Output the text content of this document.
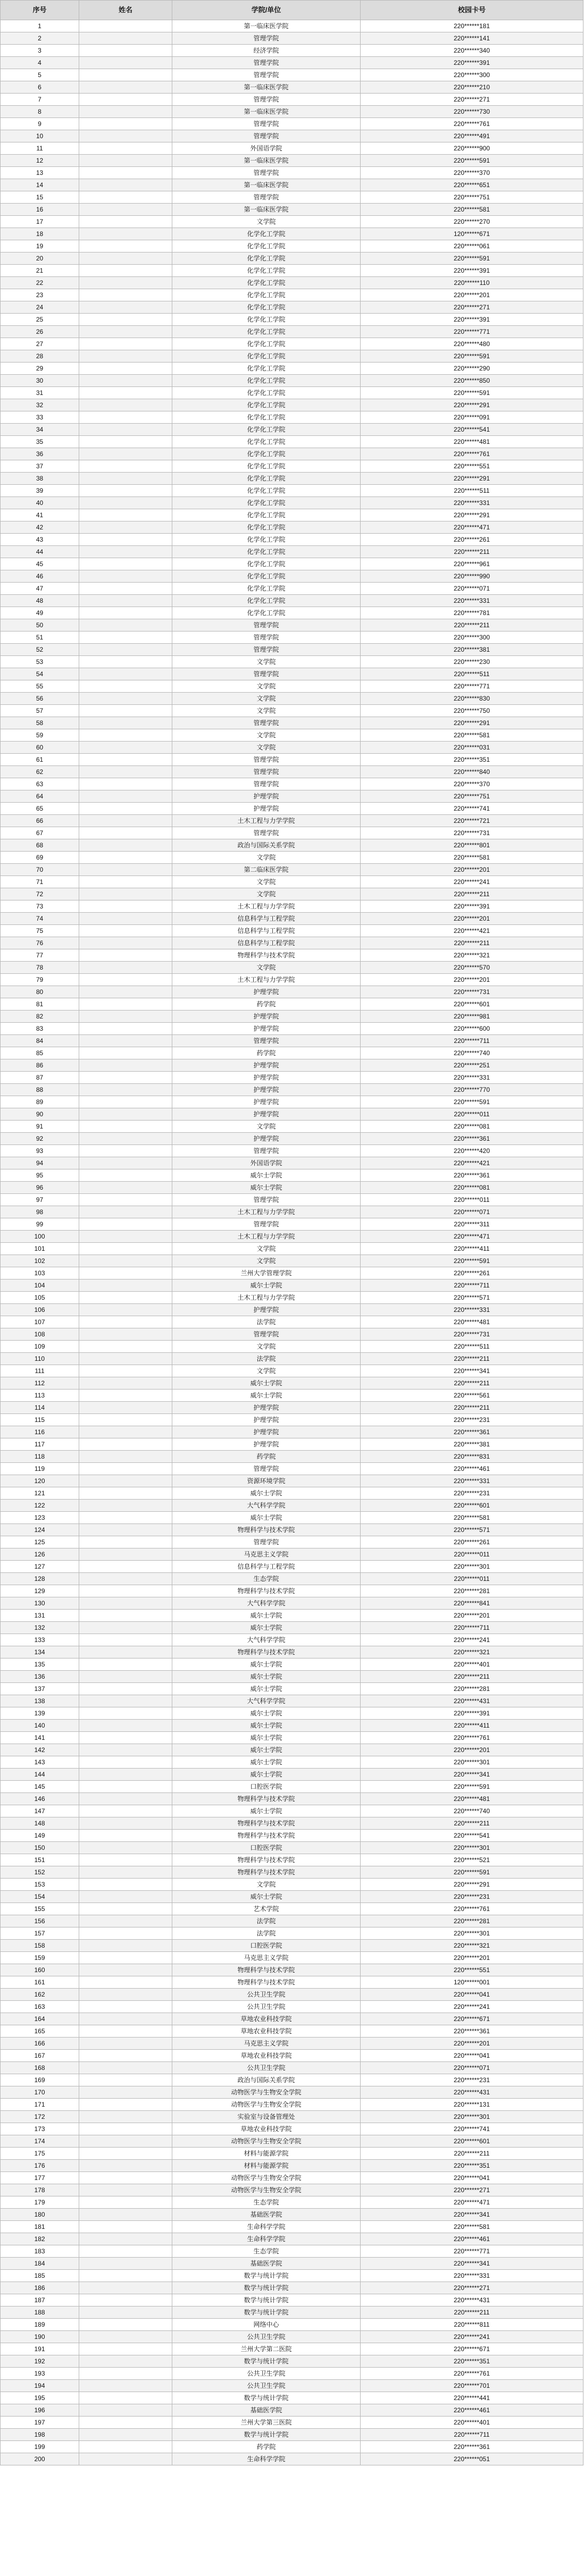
序号	姓名	学院/单位	校园卡号
1		第一临床医学院	220******181
2		管理学院	220******141
3		经济学院	220******340
4		管理学院	220******391
5		管理学院	220******300
6		第一临床医学院	220******210
7		管理学院	220******271
8		第一临床医学院	220******730
9		管理学院	220******761
10		管理学院	220******491
11		外国语学院	220******900
12		第一临床医学院	220******591
13		管理学院	220******370
14		第一临床医学院	220******651
15		管理学院	220******751
16		第一临床医学院	220******581
17		文学院	220******270
18		化学化工学院	120******671
19		化学化工学院	220******061
20		化学化工学院	220******591
21		化学化工学院	220******391
22		化学化工学院	220******110
23		化学化工学院	220******201
24		化学化工学院	220******271
25		化学化工学院	220******391
26		化学化工学院	220******771
27		化学化工学院	220******480
28		化学化工学院	220******591
29		化学化工学院	220******290
30		化学化工学院	220******850
31		化学化工学院	220******591
32		化学化工学院	220******291
33		化学化工学院	220******091
34		化学化工学院	220******541
35		化学化工学院	220******481
36		化学化工学院	220******761
37		化学化工学院	220******551
38		化学化工学院	220******291
39		化学化工学院	220******511
40		化学化工学院	220******331
41		化学化工学院	220******291
42		化学化工学院	220******471
43		化学化工学院	220******261
44		化学化工学院	220******211
45		化学化工学院	220******961
46		化学化工学院	220******990
47		化学化工学院	220******071
48		化学化工学院	220******331
49		化学化工学院	220******781
50		管理学院	220******211
51		管理学院	220******300
52		管理学院	220******381
53		文学院	220******230
54		管理学院	220******511
55		文学院	220******771
56		文学院	220******830
57		文学院	220******750
58		管理学院	220******291
59		文学院	220******581
60		文学院	220******031
61		管理学院	220******351
62		管理学院	220******840
63		管理学院	220******370
64		护理学院	220******751
65		护理学院	220******741
66		土木工程与力学学院	220******721
67		管理学院	220******731
68		政治与国际关系学院	220******801
69		文学院	220******581
70		第二临床医学院	220******201
71		文学院	220******241
72		文学院	220******211
73		土木工程与力学学院	220******391
74		信息科学与工程学院	220******201
75		信息科学与工程学院	220******421
76		信息科学与工程学院	220******211
77		物理科学与技术学院	220******321
78		文学院	220******570
79		土木工程与力学学院	220******201
80		护理学院	220******731
81		药学院	220******601
82		护理学院	220******981
83		护理学院	220******600
84		管理学院	220******711
85		药学院	220******740
86		护理学院	220******251
87		护理学院	220******331
88		护理学院	220******770
89		护理学院	220******591
90		护理学院	220******011
91		文学院	220******081
92		护理学院	220******361
93		管理学院	220******420
94		外国语学院	220******421
95		威尔士学院	220******361
96		威尔士学院	220******081
97		管理学院	220******011
98		土木工程与力学学院	220******071
99		管理学院	220******311
100		土木工程与力学学院	220******471
101		文学院	220******411
102		文学院	220******591
103		兰州大学管理学院	220******261
104		威尔士学院	220******711
105		土木工程与力学学院	220******571
106		护理学院	220******331
107		法学院	220******481
108		管理学院	220******731
109		文学院	220******511
110		法学院	220******211
111		文学院	220******341
112		威尔士学院	220******211
113		威尔士学院	220******561
114		护理学院	220******211
115		护理学院	220******231
116		护理学院	220******361
117		护理学院	220******381
118		药学院	220******831
119		管理学院	220******461
120		资源环境学院	220******331
121		威尔士学院	220******231
122		大气科学学院	220******601
123		威尔士学院	220******581
124		物理科学与技术学院	220******571
125		管理学院	220******261
126		马克思主义学院	220******011
127		信息科学与工程学院	220******301
128		生态学院	220******011
129		物理科学与技术学院	220******281
130		大气科学学院	220******841
131		威尔士学院	220******201
132		威尔士学院	220******711
133		大气科学学院	220******241
134		物理科学与技术学院	220******321
135		威尔士学院	220******401
136		威尔士学院	220******211
137		威尔士学院	220******281
138		大气科学学院	220******431
139		威尔士学院	220******391
140		威尔士学院	220******411
141		威尔士学院	220******761
142		威尔士学院	220******201
143		威尔士学院	220******301
144		威尔士学院	220******341
145		口腔医学院	220******591
146		物理科学与技术学院	220******481
147		威尔士学院	220******740
148		物理科学与技术学院	220******211
149		物理科学与技术学院	220******541
150		口腔医学院	220******301
151		物理科学与技术学院	220******521
152		物理科学与技术学院	220******591
153		文学院	220******291
154		威尔士学院	220******231
155		艺术学院	220******761
156		法学院	220******281
157		法学院	220******301
158		口腔医学院	220******321
159		马克思主义学院	220******201
160		物理科学与技术学院	220******551
161		物理科学与技术学院	120******001
162		公共卫生学院	220******041
163		公共卫生学院	220******241
164		草地农业科技学院	220******671
165		草地农业科技学院	220******361
166		马克思主义学院	220******201
167		草地农业科技学院	220******041
168		公共卫生学院	220******071
169		政治与国际关系学院	220******231
170		动物医学与生物安全学院	220******431
171		动物医学与生物安全学院	220******131
172		实验室与设备管理处	220******301
173		草地农业科技学院	220******741
174		动物医学与生物安全学院	220******601
175		材料与能源学院	220******211
176		材料与能源学院	220******351
177		动物医学与生物安全学院	220******041
178		动物医学与生物安全学院	220******271
179		生态学院	220******471
180		基础医学院	220******341
181		生命科学学院	220******581
182		生命科学学院	220******461
183		生态学院	220******771
184		基础医学院	220******341
185		数学与统计学院	220******331
186		数学与统计学院	220******271
187		数学与统计学院	220******431
188		数学与统计学院	220******211
189		网络中心	220******811
190		公共卫生学院	220******241
191		兰州大学第二医院	220******671
192		数学与统计学院	220******351
193		公共卫生学院	220******761
194		公共卫生学院	220******701
195		数学与统计学院	220******441
196		基础医学院	220******461
197		兰州大学第三医院	220******401
198		数学与统计学院	220******711
199		药学院	220******361
200		生命科学学院	220******051
